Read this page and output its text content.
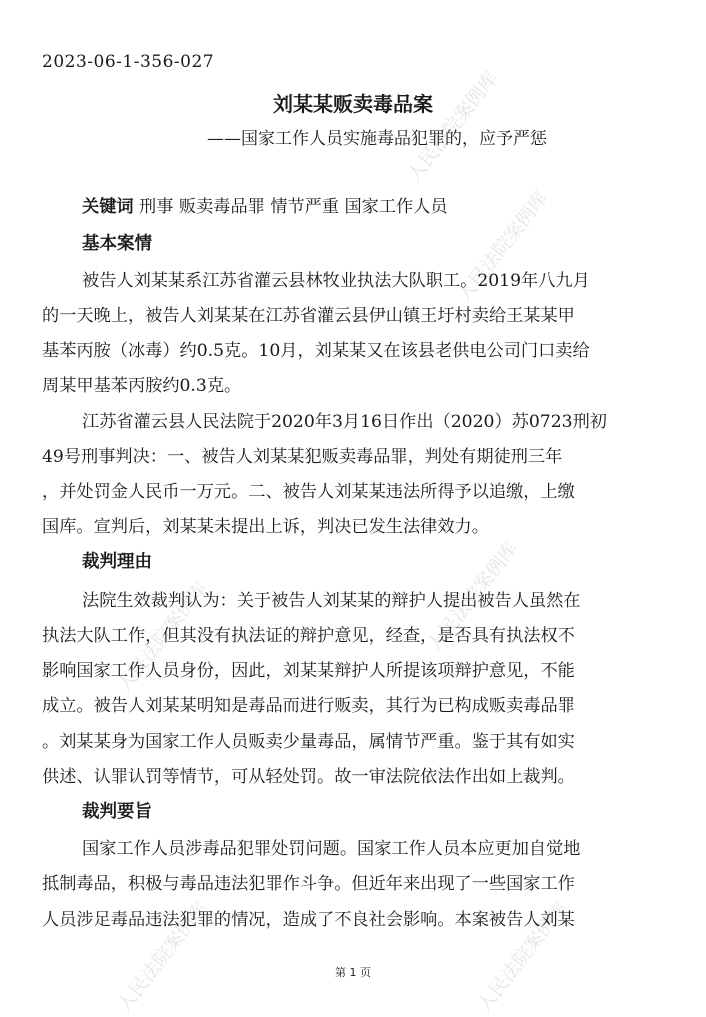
人民法院案例库
人民法院案例库
人民法院案例库	人民法院案例库
人民法院案例库	人民法院案例库
2023-06-1-356-027
刘某某贩卖毒品案
——国家工作人员实施毒品犯罪的，应予严惩
关键词 刑事 贩卖毒品罪 情节严重 国家工作人员
基本案情
被告人刘某某系江苏省灌云县林牧业执法大队职工。2019年八九月
的一天晚上，被告人刘某某在江苏省灌云县伊山镇王圩村卖给王某某甲
基苯丙胺（冰毒）约0.5克。10月，刘某某又在该县老供电公司门口卖给
周某甲基苯丙胺约0.3克。
江苏省灌云县人民法院于2020年3月16日作出（2020）苏0723刑初
49号刑事判决：一、被告人刘某某犯贩卖毒品罪，判处有期徒刑三年
，并处罚金人民币一万元。二、被告人刘某某违法所得予以追缴，上缴
国库。宣判后，刘某某未提出上诉，判决已发生法律效力。
裁判理由
法院生效裁判认为：关于被告人刘某某的辩护人提出被告人虽然在
执法大队工作，但其没有执法证的辩护意见，经查，是否具有执法权不
影响国家工作人员身份，因此，刘某某辩护人所提该项辩护意见，不能
成立。被告人刘某某明知是毒品而进行贩卖，其行为已构成贩卖毒品罪
。刘某某身为国家工作人员贩卖少量毒品，属情节严重。鉴于其有如实
供述、认罪认罚等情节，可从轻处罚。故一审法院依法作出如上裁判。
裁判要旨
国家工作人员涉毒品犯罪处罚问题。国家工作人员本应更加自觉地
抵制毒品，积极与毒品违法犯罪作斗争。但近年来出现了一些国家工作
人员涉足毒品违法犯罪的情况，造成了不良社会影响。本案被告人刘某
第 1 页
